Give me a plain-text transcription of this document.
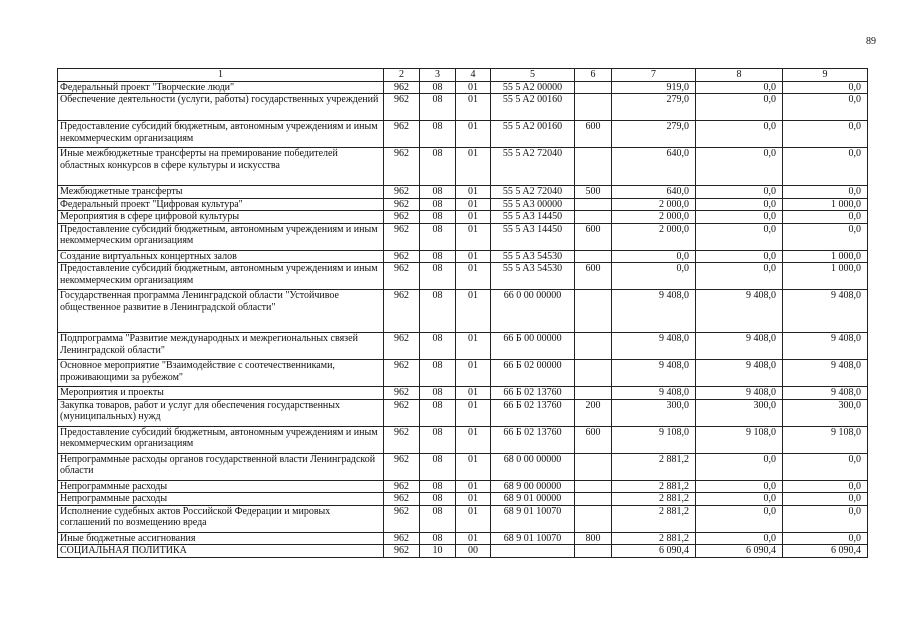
89
1	2	3	4	5	6	7	8	9
Федеральный проект "Творческие люди"	962	08	01	55 5 A2 00000		919,0	0,0	0,0
Обеспечение деятельности (услуги, работы) государственных учреждений	962	08	01	55 5 A2 00160		279,0	0,0	0,0
Предоставление субсидий бюджетным, автономным учреждениям и иным некоммерческим организациям	962	08	01	55 5 A2 00160	600	279,0	0,0	0,0
Иные межбюджетные трансферты на премирование победителей областных конкурсов в сфере культуры и искусства	962	08	01	55 5 A2 72040		640,0	0,0	0,0
Межбюджетные трансферты	962	08	01	55 5 A2 72040	500	640,0	0,0	0,0
Федеральный проект "Цифровая культура"	962	08	01	55 5 A3 00000		2 000,0	0,0	1 000,0
Мероприятия в сфере цифровой культуры	962	08	01	55 5 A3 14450		2 000,0	0,0	0,0
Предоставление субсидий бюджетным, автономным учреждениям и иным некоммерческим организациям	962	08	01	55 5 A3 14450	600	2 000,0	0,0	0,0
Создание виртуальных концертных залов	962	08	01	55 5 A3 54530		0,0	0,0	1 000,0
Предоставление субсидий бюджетным, автономным учреждениям и иным некоммерческим организациям	962	08	01	55 5 A3 54530	600	0,0	0,0	1 000,0
Государственная программа Ленинградской области "Устойчивое общественное развитие в Ленинградской области"	962	08	01	66 0 00 00000		9 408,0	9 408,0	9 408,0
Подпрограмма "Развитие международных и межрегиональных связей Ленинградской области"	962	08	01	66 Б 00 00000		9 408,0	9 408,0	9 408,0
Основное мероприятие "Взаимодействие с соотечественниками, проживающими за рубежом"	962	08	01	66 Б 02 00000		9 408,0	9 408,0	9 408,0
Мероприятия и проекты	962	08	01	66 Б 02 13760		9 408,0	9 408,0	9 408,0
Закупка товаров, работ и услуг для обеспечения государственных (муниципальных) нужд	962	08	01	66 Б 02 13760	200	300,0	300,0	300,0
Предоставление субсидий бюджетным, автономным учреждениям и иным некоммерческим организациям	962	08	01	66 Б 02 13760	600	9 108,0	9 108,0	9 108,0
Непрограммные расходы органов государственной власти Ленинградской области	962	08	01	68 0 00 00000		2 881,2	0,0	0,0
Непрограммные расходы	962	08	01	68 9 00 00000		2 881,2	0,0	0,0
Непрограммные расходы	962	08	01	68 9 01 00000		2 881,2	0,0	0,0
Исполнение судебных актов Российской Федерации и мировых соглашений по возмещению вреда	962	08	01	68 9 01 10070		2 881,2	0,0	0,0
Иные бюджетные ассигнования	962	08	01	68 9 01 10070	800	2 881,2	0,0	0,0
СОЦИАЛЬНАЯ ПОЛИТИКА	962	10	00			6 090,4	6 090,4	6 090,4
